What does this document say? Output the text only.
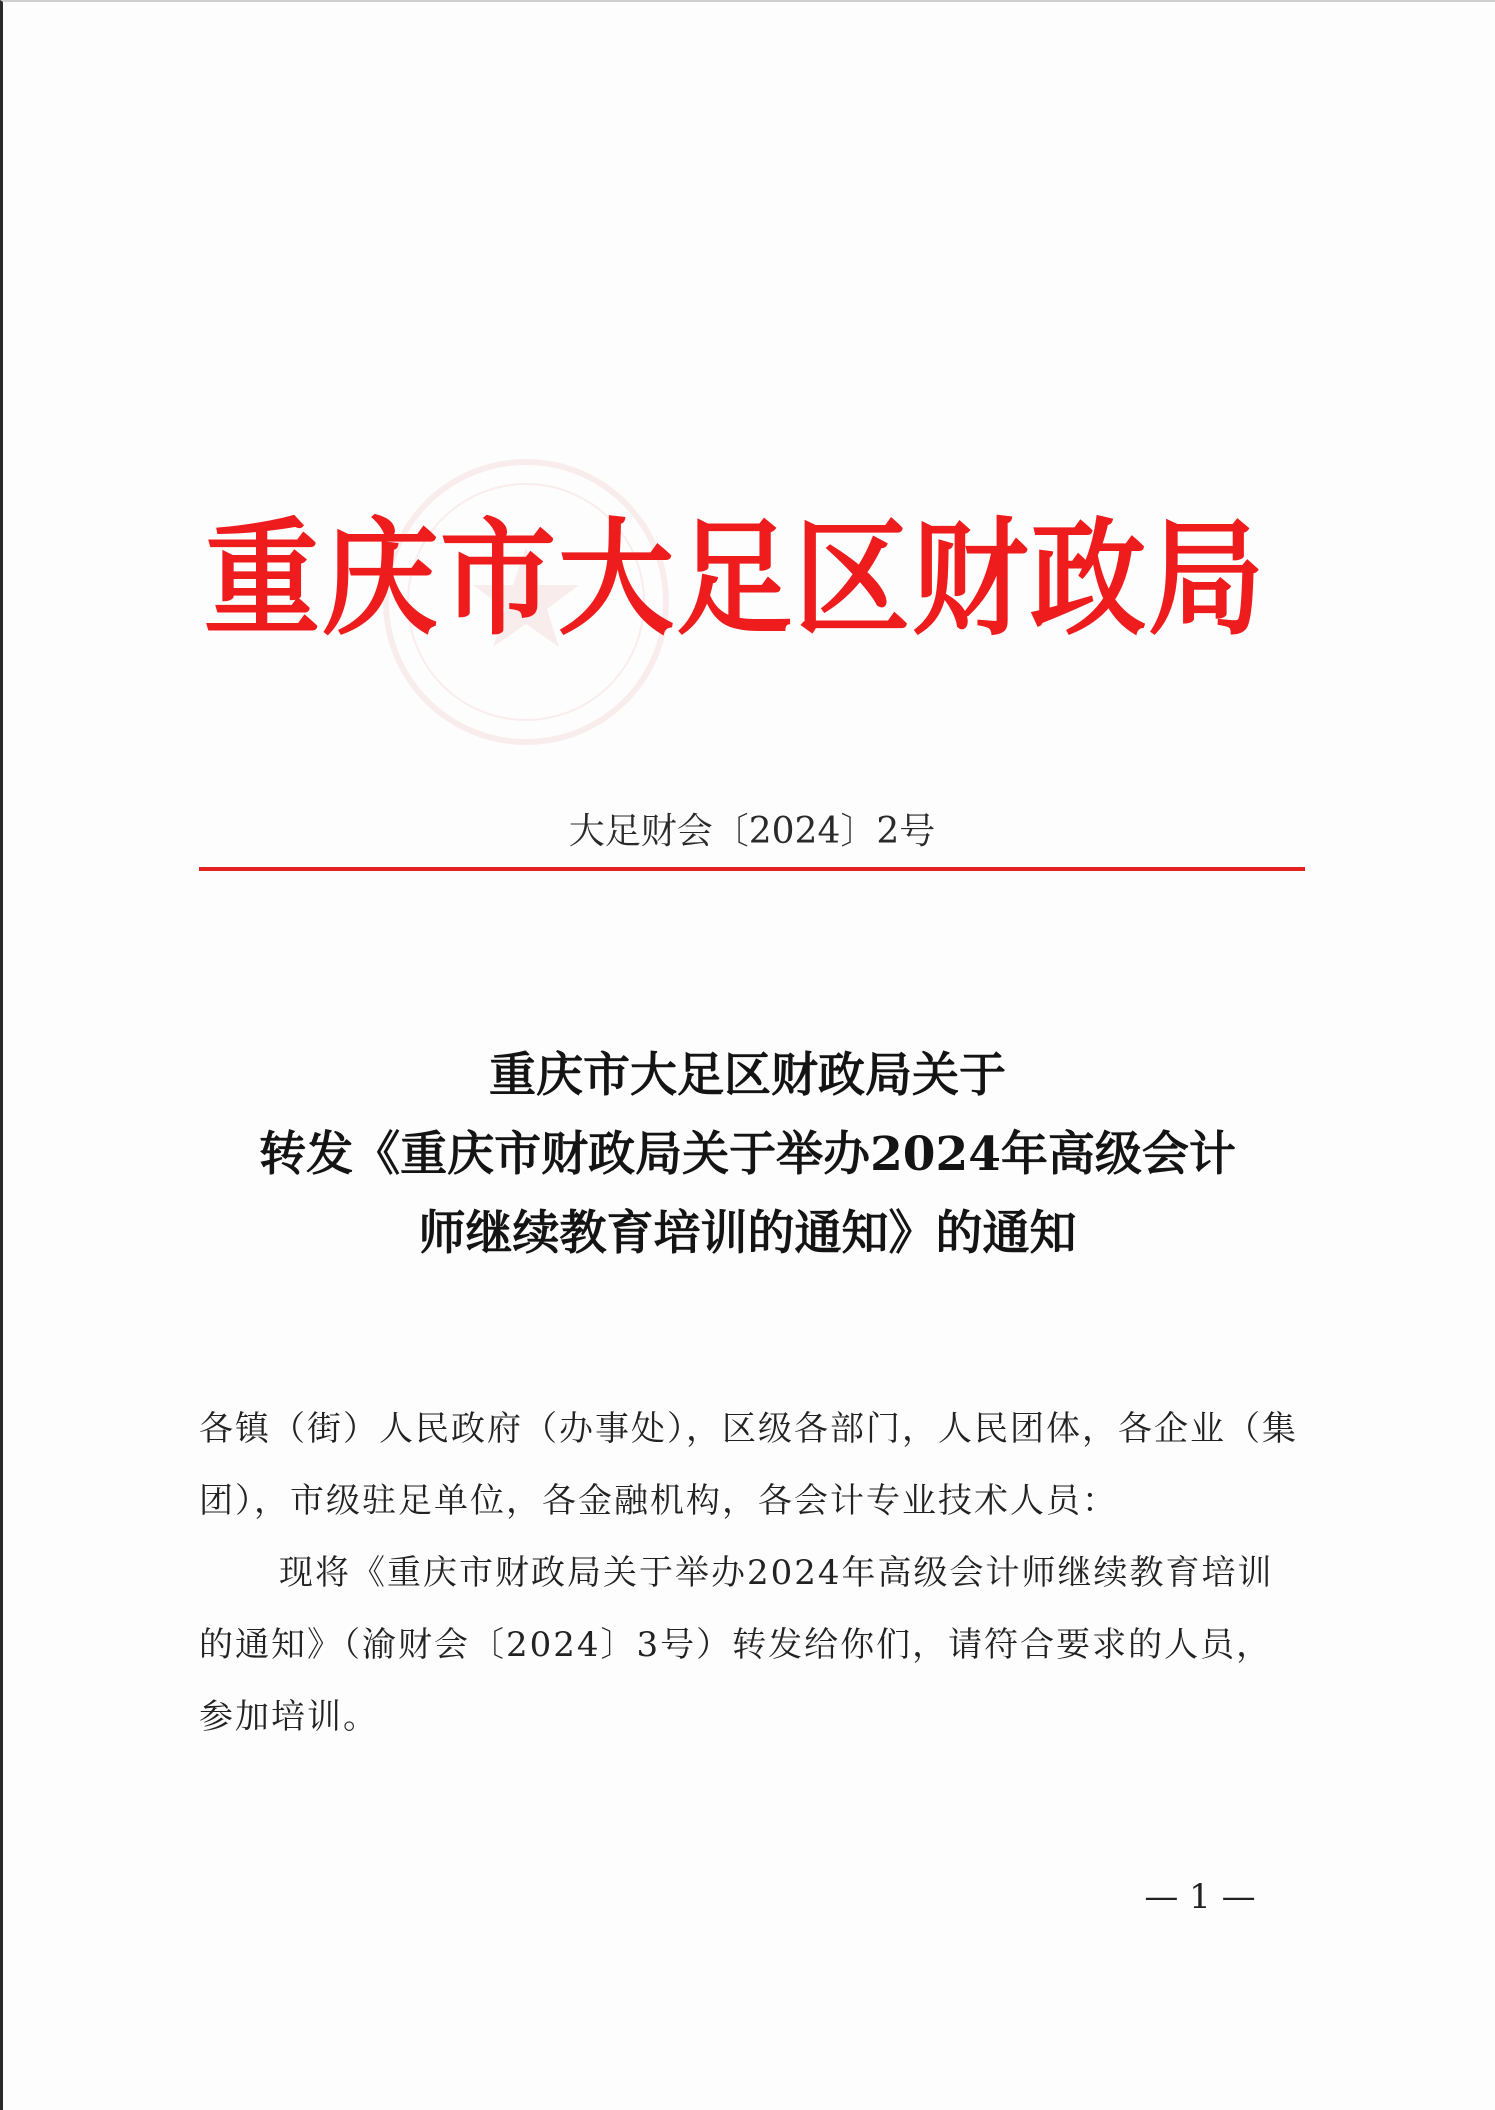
重庆市大足区财政局
大足财会〔2024〕2号
重庆市大足区财政局关于
转发《重庆市财政局关于举办2024年高级会计
师继续教育培训的通知》的通知

各镇（街）人民政府（办事处），区级各部门，人民团体，各企业（集团），市级驻足单位，各金融机构，各会计专业技术人员：

现将《重庆市财政局关于举办2024年高级会计师继续教育培训的通知》（渝财会〔2024〕3号）转发给你们，请符合要求的人员，参加培训。

— 1 —
